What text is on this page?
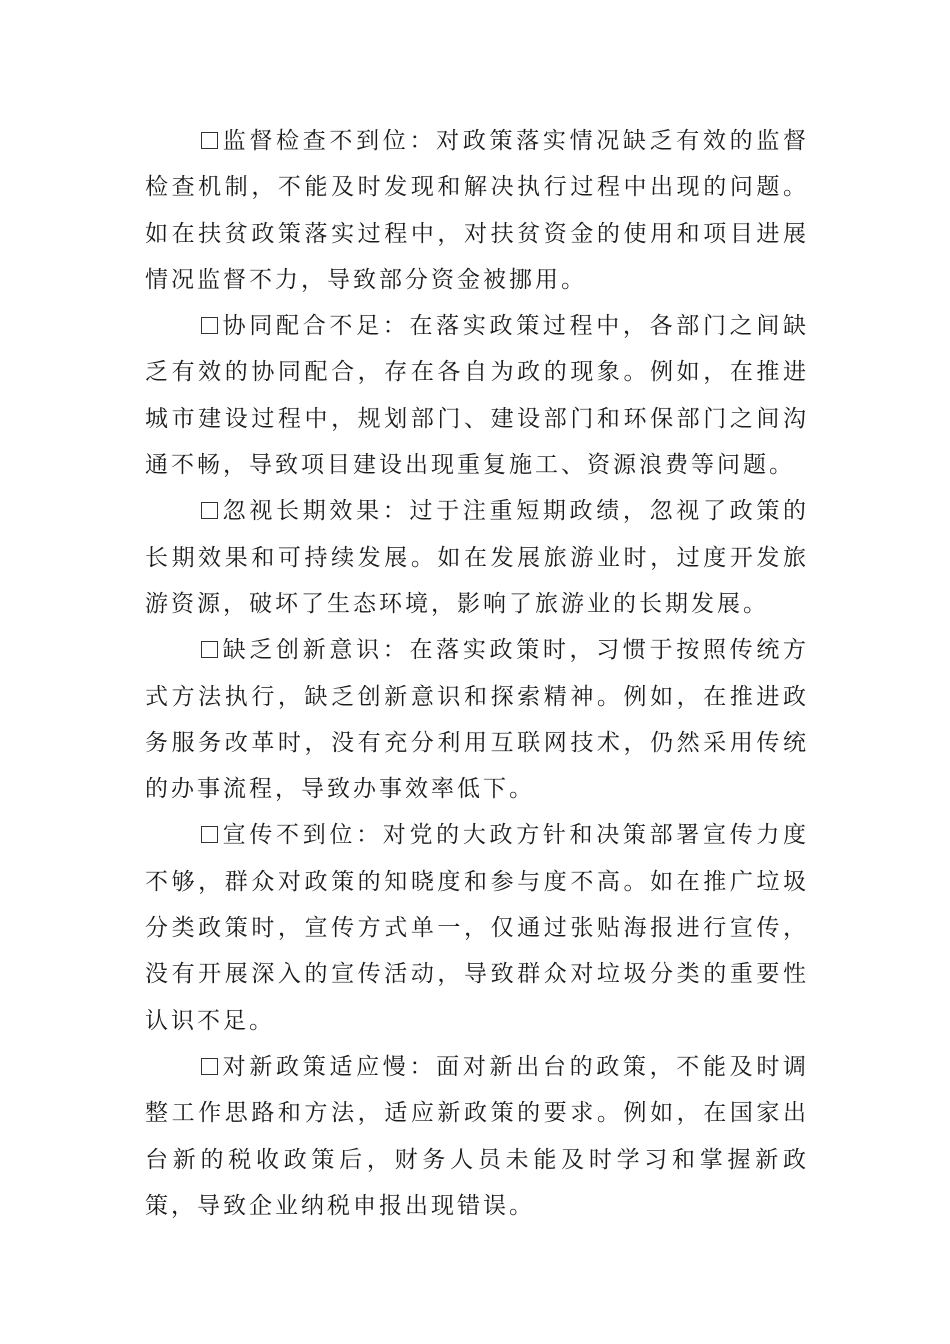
监督检查不到位：对政策落实情况缺乏有效的监督检查机制，不能及时发现和解决执行过程中出现的问题。如在扶贫政策落实过程中，对扶贫资金的使用和项目进展情况监督不力，导致部分资金被挪用。

协同配合不足：在落实政策过程中，各部门之间缺乏有效的协同配合，存在各自为政的现象。例如，在推进城市建设过程中，规划部门、建设部门和环保部门之间沟通不畅，导致项目建设出现重复施工、资源浪费等问题。

忽视长期效果：过于注重短期政绩，忽视了政策的长期效果和可持续发展。如在发展旅游业时，过度开发旅游资源，破坏了生态环境，影响了旅游业的长期发展。

缺乏创新意识：在落实政策时，习惯于按照传统方式方法执行，缺乏创新意识和探索精神。例如，在推进政务服务改革时，没有充分利用互联网技术，仍然采用传统的办事流程，导致办事效率低下。

宣传不到位：对党的大政方针和决策部署宣传力度不够，群众对政策的知晓度和参与度不高。如在推广垃圾分类政策时，宣传方式单一，仅通过张贴海报进行宣传，没有开展深入的宣传活动，导致群众对垃圾分类的重要性认识不足。

对新政策适应慢：面对新出台的政策，不能及时调整工作思路和方法，适应新政策的要求。例如，在国家出台新的税收政策后，财务人员未能及时学习和掌握新政策，导致企业纳税申报出现错误。
